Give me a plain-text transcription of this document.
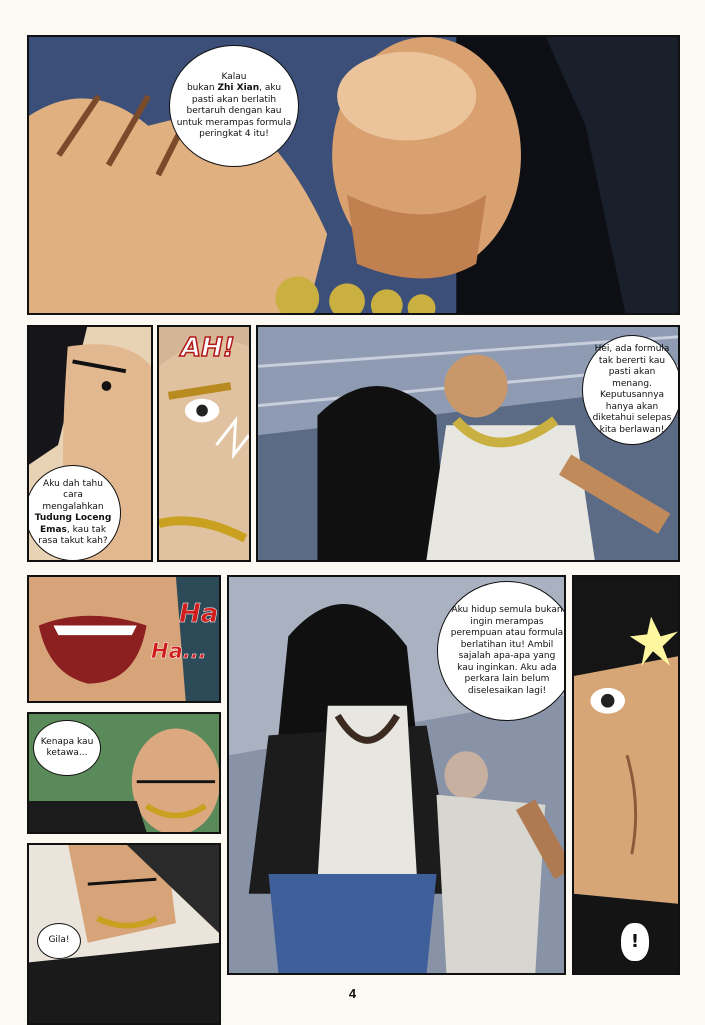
Kalau
bukan Zhi Xian, aku pasti akan berlatih bertaruh dengan kau untuk merampas formula peringkat 4 itu!
Aku dah tahu cara mengalahkan Tudung Loceng Emas, kau tak rasa takut kah?
AH!	Hei, ada formula tak bererti kau pasti akan menang. Keputusannya hanya akan diketahui selepas kita berlawan!
Ha
Ha...
Kenapa kau ketawa...
Gila!
Aku hidup semula bukan ingin merampas perempuan atau formula berlatihan itu! Ambil sajalah apa-apa yang kau inginkan. Aku ada perkara lain belum diselesaikan lagi!
!
4
